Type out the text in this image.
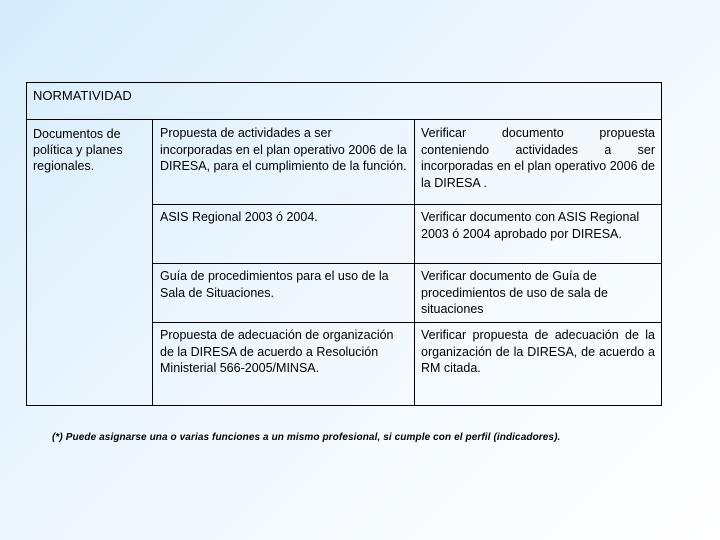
NORMATIVIDAD
Documentos de política y planes regionales.
Propuesta de actividades a ser incorporadas en el plan operativo 2006 de la DIRESA, para el cumplimiento de la función.
Verificar documento propuesta conteniendo actividades a ser incorporadas en el plan operativo 2006 de la DIRESA .
ASIS Regional 2003 ó 2004.	Verificar documento con ASIS Regional 2003 ó 2004 aprobado por DIRESA.
Guía de procedimientos para el uso de la Sala de Situaciones.
Verificar documento de Guía de procedimientos de uso de sala de situaciones
Propuesta de adecuación de organización de la DIRESA de acuerdo a Resolución Ministerial 566-2005/MINSA.
Verificar propuesta de adecuación de la organización de la DIRESA, de acuerdo a RM citada.
(*) Puede asignarse una o varias funciones a un mismo profesional, si cumple con el perfil (indicadores).
